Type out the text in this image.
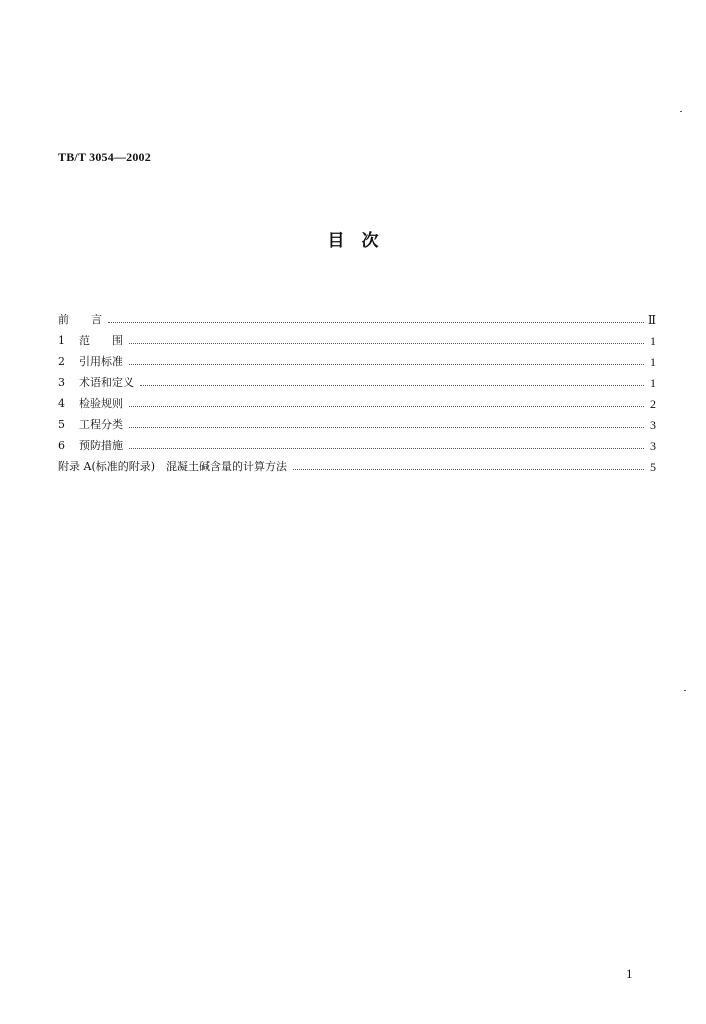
TB/T 3054—2002
目　次
前　　言	Ⅱ
1 范　　围	1
2 引用标准	1
3 术语和定义	1
4 检验规则	2
5 工程分类	3
6 预防措施	3
附录 A(标准的附录)　混凝土碱含量的计算方法	5
1
